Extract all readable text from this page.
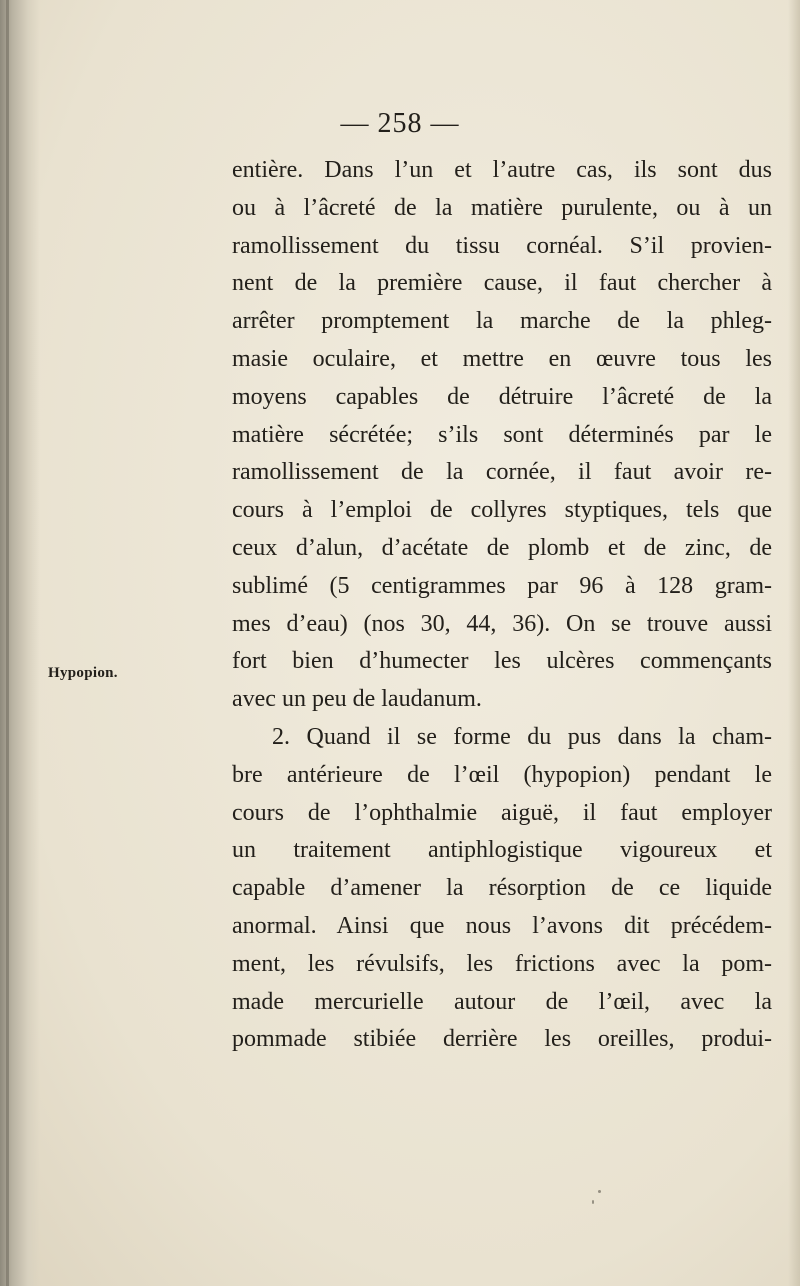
— 258 —
Hypopion.
entière. Dans l’un et l’autre cas, ils sont dus
ou à l’âcreté de la matière purulente, ou à un
ramollissement du tissu cornéal. S’il provien-
nent de la première cause, il faut chercher à
arrêter promptement la marche de la phleg-
masie oculaire, et mettre en œuvre tous les
moyens capables de détruire l’âcreté de la
matière sécrétée; s’ils sont déterminés par le
ramollissement de la cornée, il faut avoir re-
cours à l’emploi de collyres styptiques, tels que
ceux d’alun, d’acétate de plomb et de zinc, de
sublimé (5 centigrammes par 96 à 128 gram-
mes d’eau) (nos 30, 44, 36). On se trouve aussi
fort bien d’humecter les ulcères commençants
avec un peu de laudanum.
2. Quand il se forme du pus dans la cham-
bre antérieure de l’œil (hypopion) pendant le
cours de l’ophthalmie aiguë, il faut employer
un traitement antiphlogistique vigoureux et
capable d’amener la résorption de ce liquide
anormal. Ainsi que nous l’avons dit précédem-
ment, les révulsifs, les frictions avec la pom-
made mercurielle autour de l’œil, avec la
pommade stibiée derrière les oreilles, produi-
